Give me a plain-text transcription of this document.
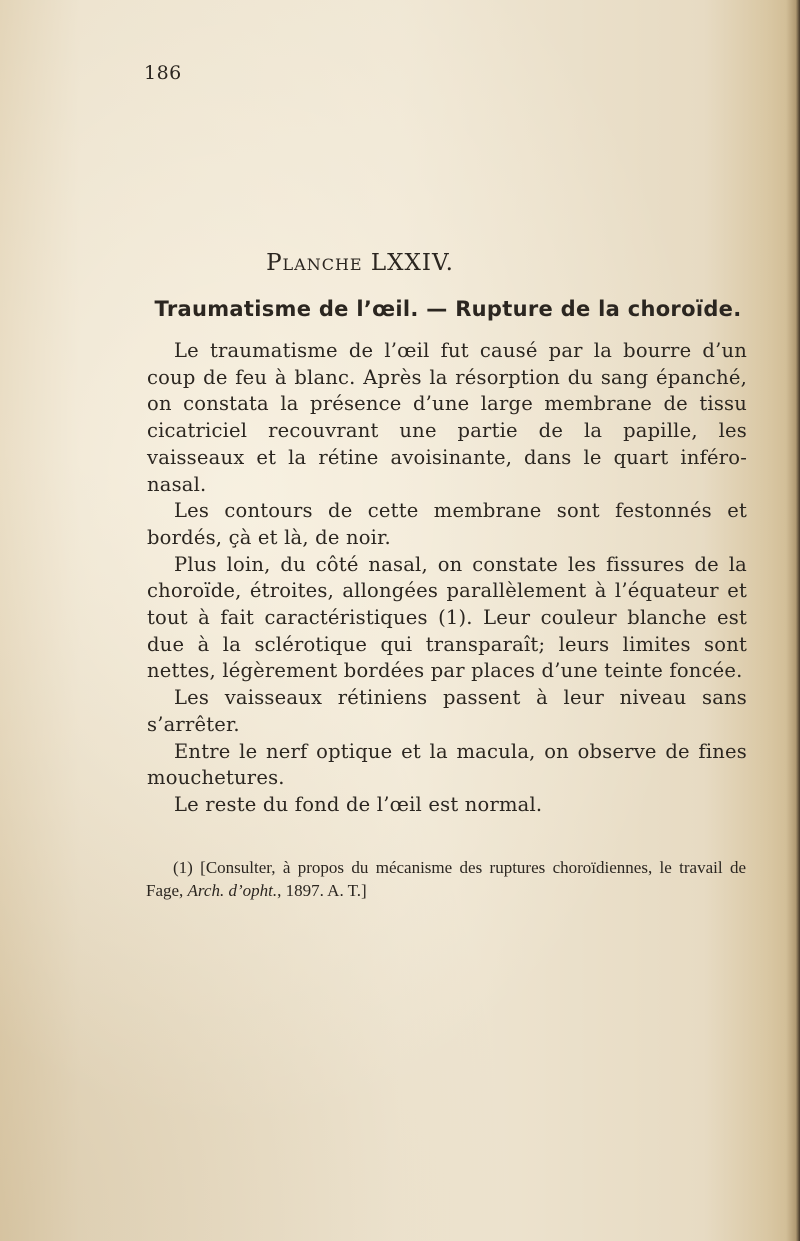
186
Planche LXXIV.
Traumatisme de l’œil. — Rupture de la choroïde.

Le traumatisme de l’œil fut causé par la bourre d’un coup de feu à blanc. Après la résorption du sang épanché, on constata la présence d’une large membrane de tissu cicatriciel recouvrant une partie de la papille, les vaisseaux et la rétine avoisinante, dans le quart inféro-nasal.

Les contours de cette membrane sont festonnés et bordés, çà et là, de noir.

Plus loin, du côté nasal, on constate les fissures de la choroïde, étroites, allongées parallèlement à l’équateur et tout à fait caractéristiques (1). Leur couleur blanche est due à la sclérotique qui transparaît; leurs limites sont nettes, légèrement bordées par places d’une teinte foncée.

Les vaisseaux rétiniens passent à leur niveau sans s’arrêter.

Entre le nerf optique et la macula, on observe de fines mouchetures.

Le reste du fond de l’œil est normal.

(1) [Consulter, à propos du mécanisme des ruptures choroïdiennes, le travail de Fage, Arch. d’opht., 1897. A. T.]
